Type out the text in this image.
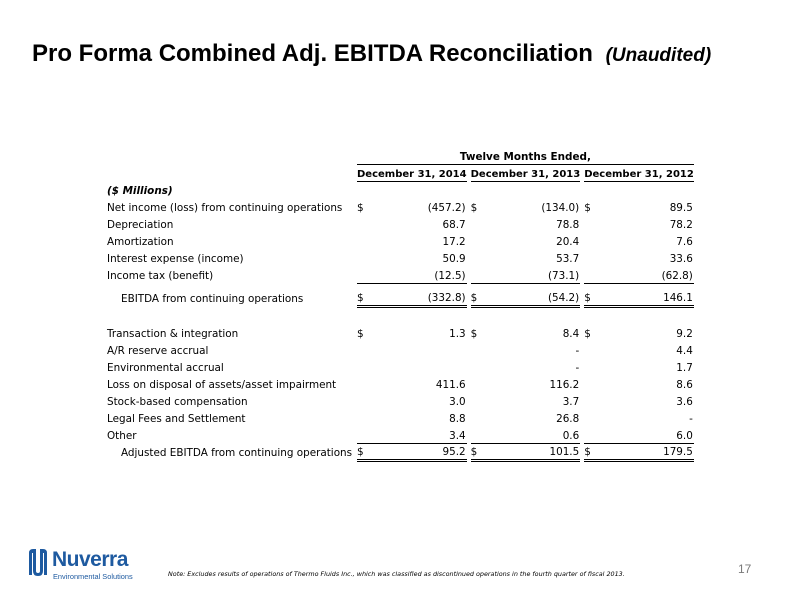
Pro Forma Combined Adj. EBITDA Reconciliation (Unaudited)
	Twelve Months Ended,							
	December 31, 2014			December 31, 2013			December 31, 2012	
($ Millions)								
Net income (loss) from continuing operations	$	(457.2)		$	(134.0)		$	89.5
Depreciation		68.7			78.8			78.2
Amortization		17.2			20.4			7.6
Interest expense (income)		50.9			53.7			33.6
Income tax (benefit)		(12.5)			(73.1)			(62.8)
EBITDA from continuing operations	$	(332.8)		$	(54.2)		$	146.1

Transaction & integration	$	1.3		$	8.4		$	9.2
A/R reserve accrual					-			4.4
Environmental accrual					-			1.7
Loss on disposal of assets/asset impairment		411.6			116.2			8.6
Stock-based compensation		3.0			3.7			3.6
Legal Fees and Settlement		8.8			26.8			-
Other		3.4			0.6			6.0
Adjusted EBITDA from continuing operations	$	95.2		$	101.5		$	179.5
Nuverra
Environmental Solutions	Note: Excludes results of operations of Thermo Fluids Inc., which was classified as discontinued operations in the fourth quarter of fiscal 2013.	17
